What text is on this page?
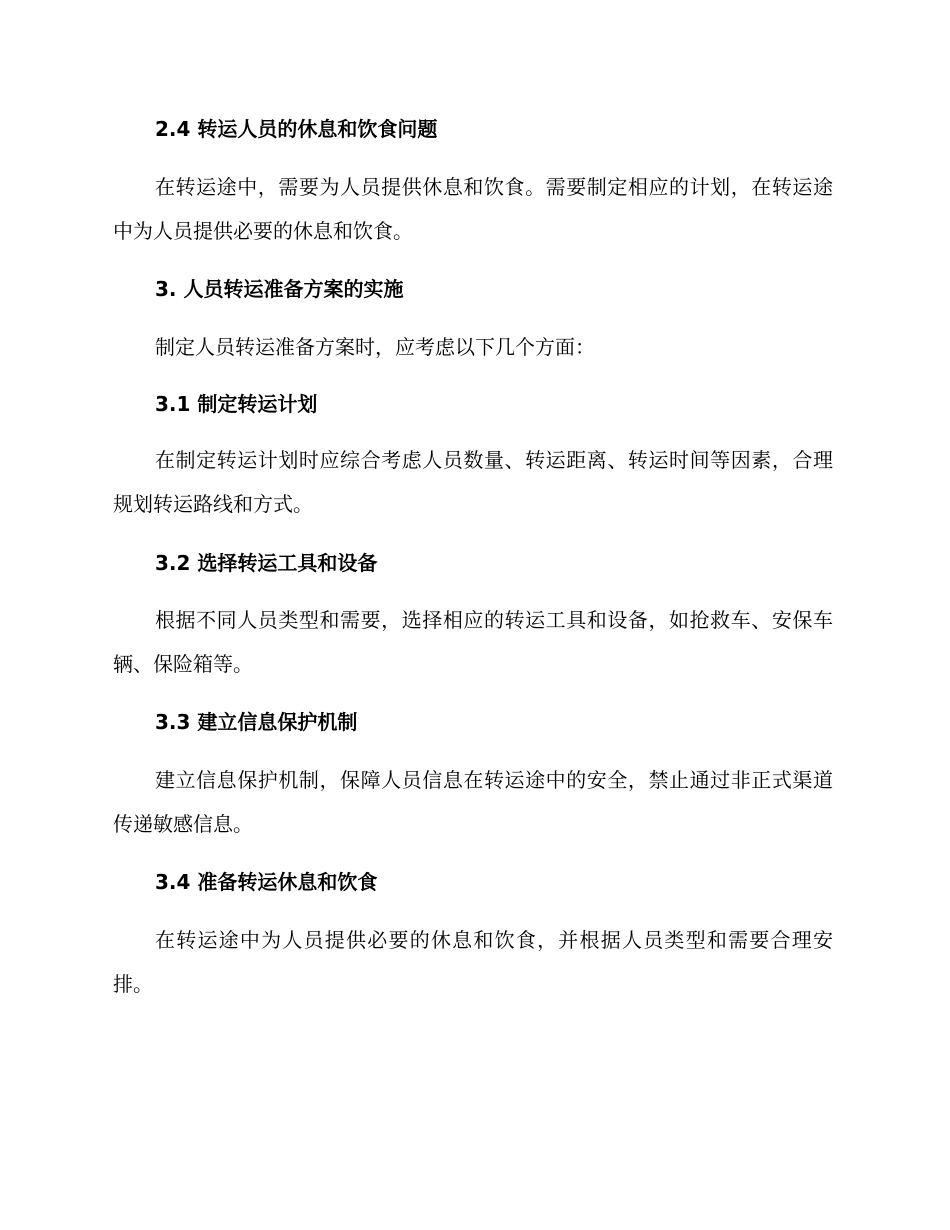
2.4 转运人员的休息和饮食问题
在转运途中，需要为人员提供休息和饮食。需要制定相应的计划，在转运途中为人员提供必要的休息和饮食。
3. 人员转运准备方案的实施
制定人员转运准备方案时，应考虑以下几个方面：
3.1 制定转运计划
在制定转运计划时应综合考虑人员数量、转运距离、转运时间等因素，合理规划转运路线和方式。
3.2 选择转运工具和设备
根据不同人员类型和需要，选择相应的转运工具和设备，如抢救车、安保车辆、保险箱等。
3.3 建立信息保护机制
建立信息保护机制，保障人员信息在转运途中的安全，禁止通过非正式渠道传递敏感信息。
3.4 准备转运休息和饮食
在转运途中为人员提供必要的休息和饮食，并根据人员类型和需要合理安排。
